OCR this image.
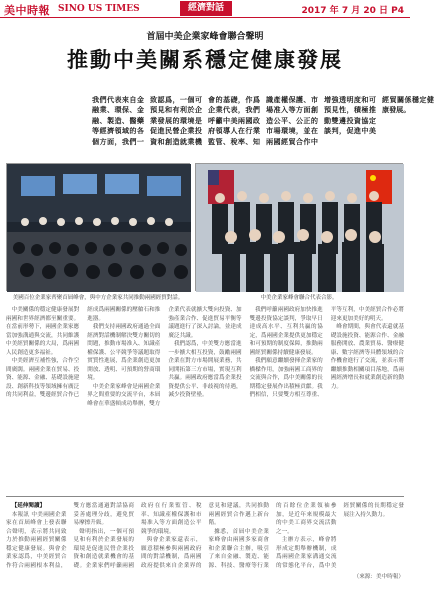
美中時報 SINO US TIMES	經濟對話	2017 年 7 月 20 日 P4
首屆中美企業家峰會聯合聲明
推動中美關系穩定健康發展
我們代表來自金融業、環保、金融、製造、醫藥等經濟領域的各個方面，我們一致認爲，一個可預見和有利於企業發展的環境是促進民營企業投資和創造就業機會的基礎，作爲企業代表，我們呼籲中美兩國政府領導人在行業監管、稅率、知識產權保護、市場准入等方面創造公平、公正的市場環境，並在兩國經貿合作中增強透明度和可預見性，積極推動雙邊投資協定談判，促進中美經貿關係穩定健康發展。
美國百位企業家齊聚首屆峰會，與中方企業家共同推動兩國經貿對話。	中美企業家峰會聯合代表合影。

中美關係的穩定健康發展對兩國和世界經濟都至關重要。在當前形勢下，兩國企業家應當加強溝通與交流，共同維護中美經貿關係的大局，爲兩國人民創造更多福祉。

中美經濟互補性強，合作空間廣闊。兩國企業在貿易、投資、能源、金融、基礎設施建設、創新科技等領域擁有廣泛的共同利益，雙邊經貿合作已經成爲兩國關係的壓艙石和推進器。

我們支持兩國政府通過全面經濟對話機制解決雙方關切的問題，推動市場准入、知識產權保護、公平競爭等議題取得實質性進展，爲企業創造更加開放、透明、可預期的營商環境。

中美企業家峰會是兩國企業界之間重要的交流平台，本屆峰會在華盛頓成功舉辦，雙方企業代表就擴大雙向投資、加強產業合作、促進貿易平衡等議題進行了深入討論，並達成廣泛共識。

我們認爲，中美雙方應當進一步擴大相互投資，鼓勵兩國企業在對方市場開展業務，共同開拓第三方市場，實現互利共贏。兩國政府應當爲企業投資提供公平、非歧視的待遇，減少投資壁壘。

我們呼籲兩國政府加快推進雙邊投資協定談判，爭取早日達成高水平、互利共贏的協定，爲兩國企業提供更加穩定和可預期的制度保障，推動兩國經貿關係持續健康發展。

我們願意繼續發揮企業家的橋樑作用，加強兩國工商界的交流與合作，爲中美關係的長期穩定發展作出積極貢獻。我們相信，只要雙方相互尊重、平等互利，中美經貿合作必將迎來更加美好的明天。

峰會期間，與會代表還就基礎設施投資、能源合作、金融服務開放、農業貿易、醫療健康、數字經濟等具體領域的合作機會進行了交流，並表示將繼續推動相關項目落地，爲兩國經濟增長和就業創造新的動力。

【延伸閱讀】

本報訊 中美兩國企業家在首屆峰會上發表聯合聲明，表示將共同致力於推動兩國經貿關係穩定健康發展。與會企業家認爲，中美經貿合作符合兩國根本利益，雙方應當通過對話協商妥善處理分歧，避免貿易摩擦升級。

聲明指出，一個可預見和有利於企業發展的環境是促進民營企業投資和創造就業機會的基礎。企業家們呼籲兩國政府在行業監管、稅率、知識產權保護和市場准入等方面創造公平競爭的環境。

與會企業家還表示，願意積極參與兩國政府間的對話機制，爲兩國政府提供來自企業界的意見和建議，共同推動兩國經貿合作邁上新台階。

據悉，首屆中美企業家峰會由兩國多家商會和企業聯合主辦，吸引了來自金融、製造、能源、科技、醫療等行業的百餘位企業領袖參加，是近年來規模最大的中美工商界交流活動之一。

主辦方表示，峰會將形成定期舉辦機制，成爲兩國企業家溝通交流的常態化平台，爲中美經貿關係的長期穩定發展注入持久動力。

（來源：美中時報）
